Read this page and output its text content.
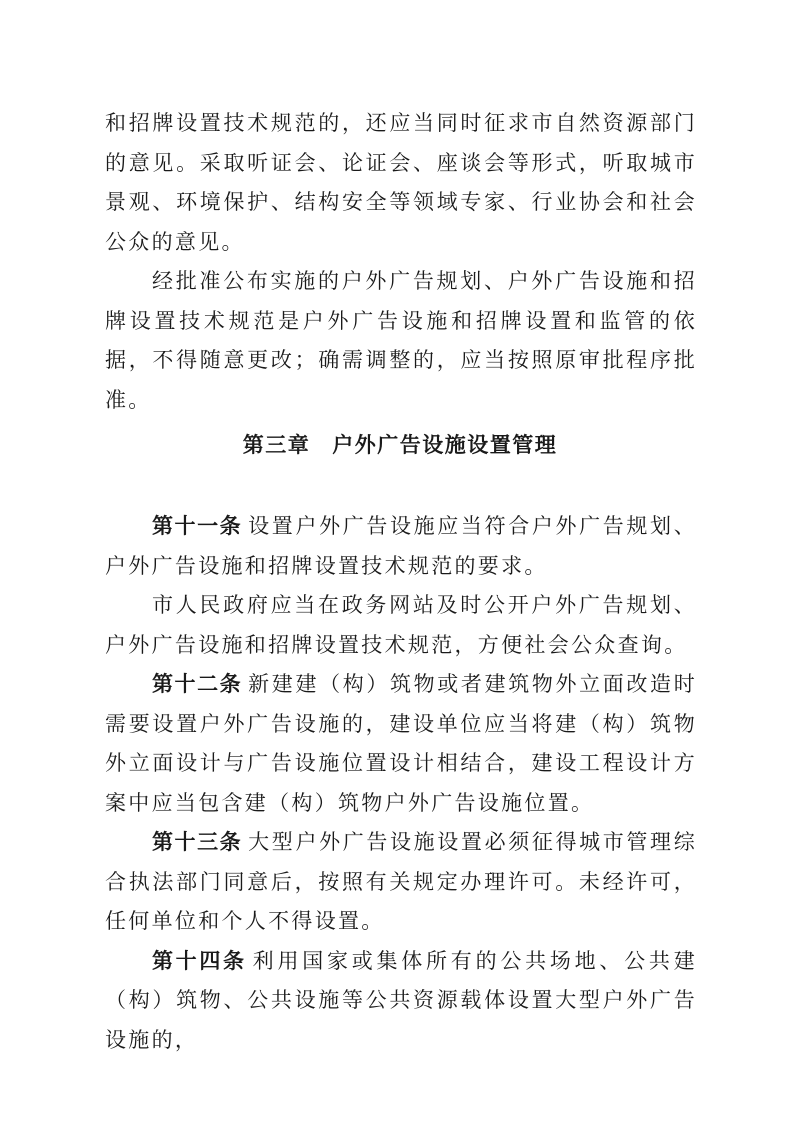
和招牌设置技术规范的，还应当同时征求市自然资源部门的意见。采取听证会、论证会、座谈会等形式，听取城市景观、环境保护、结构安全等领域专家、行业协会和社会公众的意见。

经批准公布实施的户外广告规划、户外广告设施和招牌设置技术规范是户外广告设施和招牌设置和监管的依据，不得随意更改；确需调整的，应当按照原审批程序批准。

第三章 户外广告设施设置管理

第十一条 设置户外广告设施应当符合户外广告规划、户外广告设施和招牌设置技术规范的要求。

市人民政府应当在政务网站及时公开户外广告规划、户外广告设施和招牌设置技术规范，方便社会公众查询。

第十二条 新建建（构）筑物或者建筑物外立面改造时需要设置户外广告设施的，建设单位应当将建（构）筑物外立面设计与广告设施位置设计相结合，建设工程设计方案中应当包含建（构）筑物户外广告设施位置。

第十三条 大型户外广告设施设置必须征得城市管理综合执法部门同意后，按照有关规定办理许可。未经许可，任何单位和个人不得设置。

第十四条 利用国家或集体所有的公共场地、公共建（构）筑物、公共设施等公共资源载体设置大型户外广告设施的，
